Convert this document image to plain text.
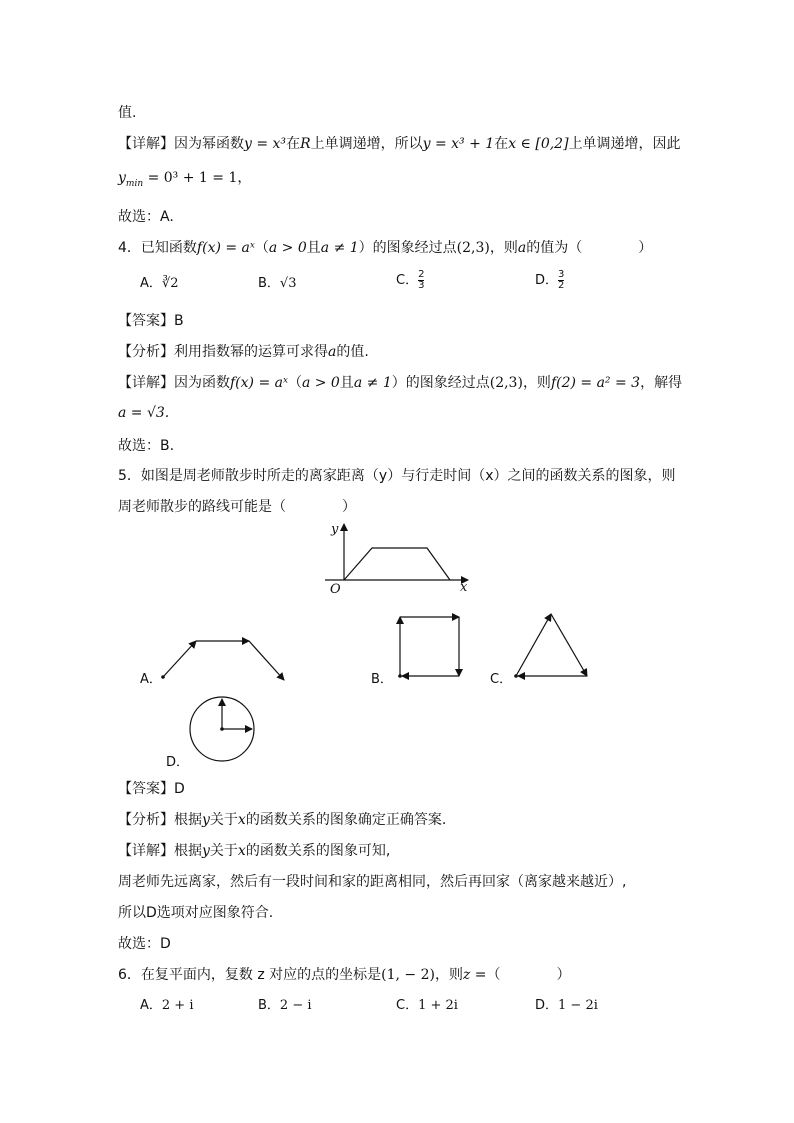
值.
【详解】因为幂函数y = x³在R上单调递增，所以y = x³ + 1在x ∈ [0,2]上单调递增，因此
$y_{min} = 0^3 + 1 = 1$，
故选：A.
4．已知函数f(x) = aˣ（a > 0且a ≠ 1）的图象经过点(2,3)，则a的值为（　　　　）
A．∛2	B．√3	C． $\frac{2}{3}$	D． $\frac{3}{2}$
【答案】B
【分析】利用指数幂的运算可求得a的值.
【详解】因为函数f(x) = aˣ（a > 0且a ≠ 1）的图象经过点(2,3)，则f(2) = a² = 3，解得
a = √3.
故选：B.
5．如图是周老师散步时所走的离家距离（y）与行走时间（x）之间的函数关系的图象，则
周老师散步的路线可能是（　　　　）
y
x
O
A．	B．	C．
D．
【答案】D
【分析】根据y关于x的函数关系的图象确定正确答案.
【详解】根据y关于x的函数关系的图象可知,
周老师先远离家，然后有一段时间和家的距离相同，然后再回家（离家越来越近）,
所以D选项对应图象符合.
故选：D
6．在复平面内，复数 z 对应的点的坐标是(1, − 2)，则z =（　　　　）
A．2 + i	B．2 − i	C．1 + 2i	D．1 − 2i
